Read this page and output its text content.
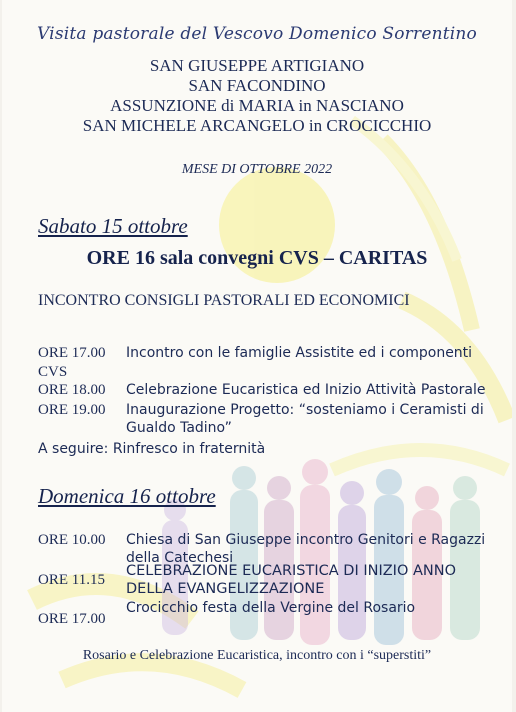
Visita pastorale del Vescovo Domenico Sorrentino
SAN GIUSEPPE ARTIGIANO
SAN FACONDINO
ASSUNZIONE di MARIA in NASCIANO
SAN MICHELE ARCANGELO in CROCICCHIO
MESE DI OTTOBRE 2022
Sabato 15 ottobre
ORE 16 sala convegni CVS – CARITAS
INCONTRO CONSIGLI PASTORALI ED ECONOMICI
ORE 17.00 Incontro con le famiglie Assistite ed i componenti
CVS
ORE 18.00 Celebrazione Eucaristica ed Inizio Attività Pastorale
ORE 19.00 Inaugurazione Progetto: “sosteniamo i Ceramisti di
Gualdo Tadino”
A seguire: Rinfresco in fraternità
Domenica 16 ottobre
ORE 10.00 Chiesa di San Giuseppe incontro Genitori e Ragazzi
della Catechesi
ORE 11.15
CELEBRAZIONE EUCARISTICA DI INIZIO ANNO
DELLA EVANGELIZZAZIONE
ORE 17.00
Crocicchio festa della Vergine del Rosario
Rosario e Celebrazione Eucaristica, incontro con i “superstiti”
